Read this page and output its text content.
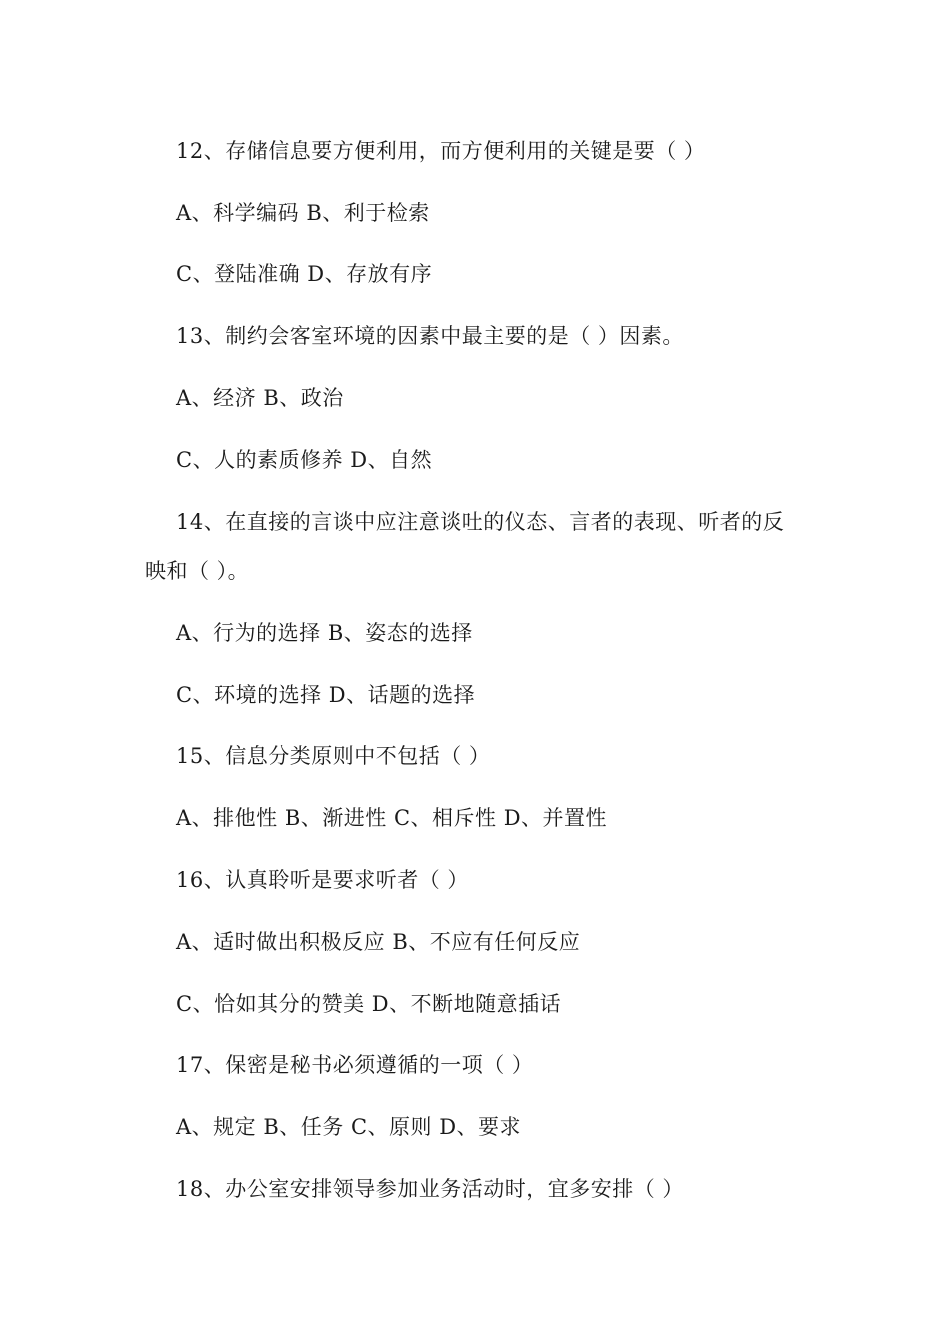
12、存储信息要方便利用，而方便利用的关键是要（ ）
A、科学编码 B、利于检索
C、登陆准确 D、存放有序
13、制约会客室环境的因素中最主要的是（ ）因素。
A、经济 B、政治
C、人的素质修养 D、自然
14、在直接的言谈中应注意谈吐的仪态、言者的表现、听者的反
映和（ ）。
A、行为的选择 B、姿态的选择
C、环境的选择 D、话题的选择
15、信息分类原则中不包括（ ）
A、排他性 B、渐进性 C、相斥性 D、并置性
16、认真聆听是要求听者（ ）
A、适时做出积极反应 B、不应有任何反应
C、恰如其分的赞美 D、不断地随意插话
17、保密是秘书必须遵循的一项（ ）
A、规定 B、任务 C、原则 D、要求
18、办公室安排领导参加业务活动时，宜多安排（ ）
